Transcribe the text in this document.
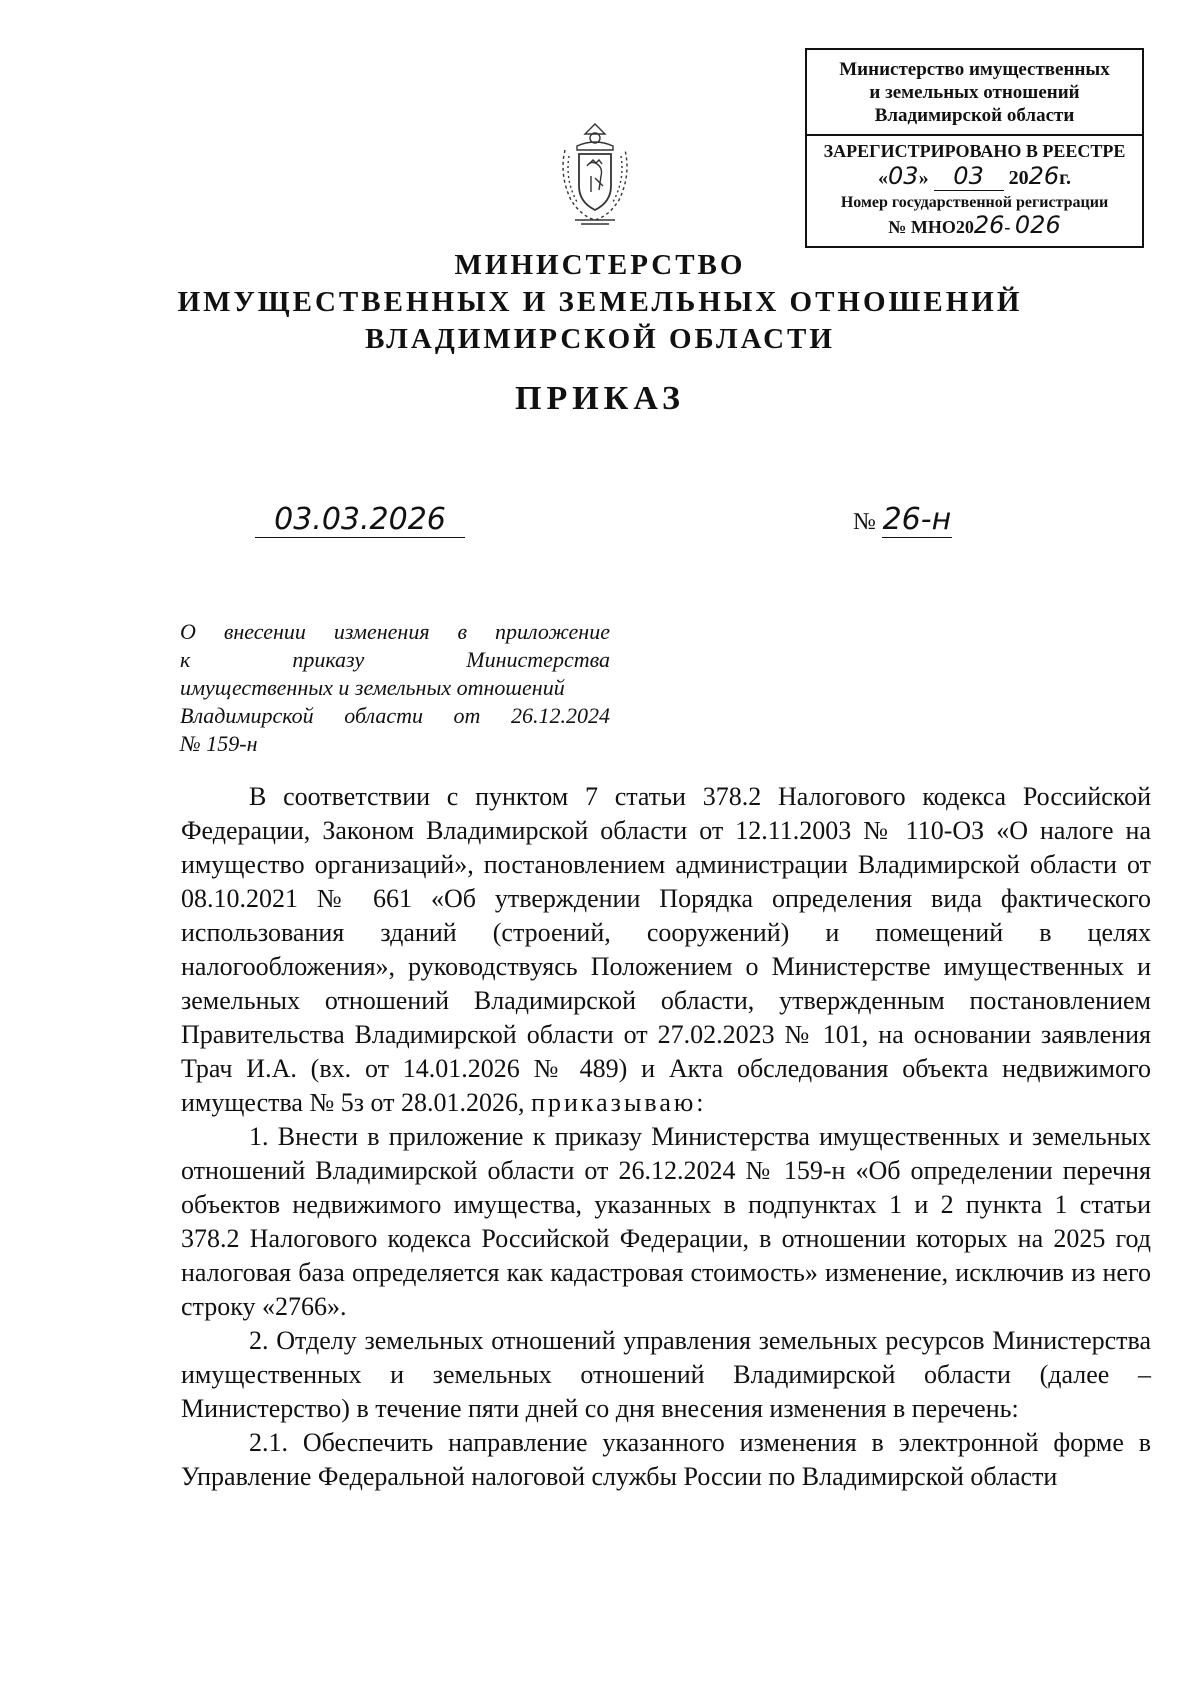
Министерство имущественных
и земельных отношений
Владимирской области
ЗАРЕГИСТРИРОВАНО В РЕЕСТРЕ
«03» 03 2026г.
Номер государственной регистрации
№ МНО2026- 026
МИНИСТЕРСТВО
ИМУЩЕСТВЕННЫХ И ЗЕМЕЛЬНЫХ ОТНОШЕНИЙ
ВЛАДИМИРСКОЙ ОБЛАСТИ
ПРИКАЗ
03.03.2026	№ 26-н
О внесении изменения в приложение
к	приказу	Министерства
имущественных и земельных отношений
Владимирской области от 26.12.2024
№ 159-н

В соответствии с пунктом 7 статьи 378.2 Налогового кодекса Российской Федерации, Законом Владимирской области от 12.11.2003 № 110-ОЗ «О налоге на имущество организаций», постановлением администрации Владимирской области от 08.10.2021 № 661 «Об утверждении Порядка определения вида фактического использования зданий (строений, сооружений) и помещений в целях налогообложения», руководствуясь Положением о Министерстве имущественных и земельных отношений Владимирской области, утвержденным постановлением Правительства Владимирской области от 27.02.2023 № 101, на основании заявления Трач И.А. (вх. от 14.01.2026 № 489) и Акта обследования объекта недвижимого имущества № 5з от 28.01.2026, приказываю:

1. Внести в приложение к приказу Министерства имущественных и земельных отношений Владимирской области от 26.12.2024 № 159-н «Об определении перечня объектов недвижимого имущества, указанных в подпунктах 1 и 2 пункта 1 статьи 378.2 Налогового кодекса Российской Федерации, в отношении которых на 2025 год налоговая база определяется как кадастровая стоимость» изменение, исключив из него строку «2766».

2. Отделу земельных отношений управления земельных ресурсов Министерства имущественных и земельных отношений Владимирской области (далее – Министерство) в течение пяти дней со дня внесения изменения в перечень:

2.1. Обеспечить направление указанного изменения в электронной форме в Управление Федеральной налоговой службы России по Владимирской области
